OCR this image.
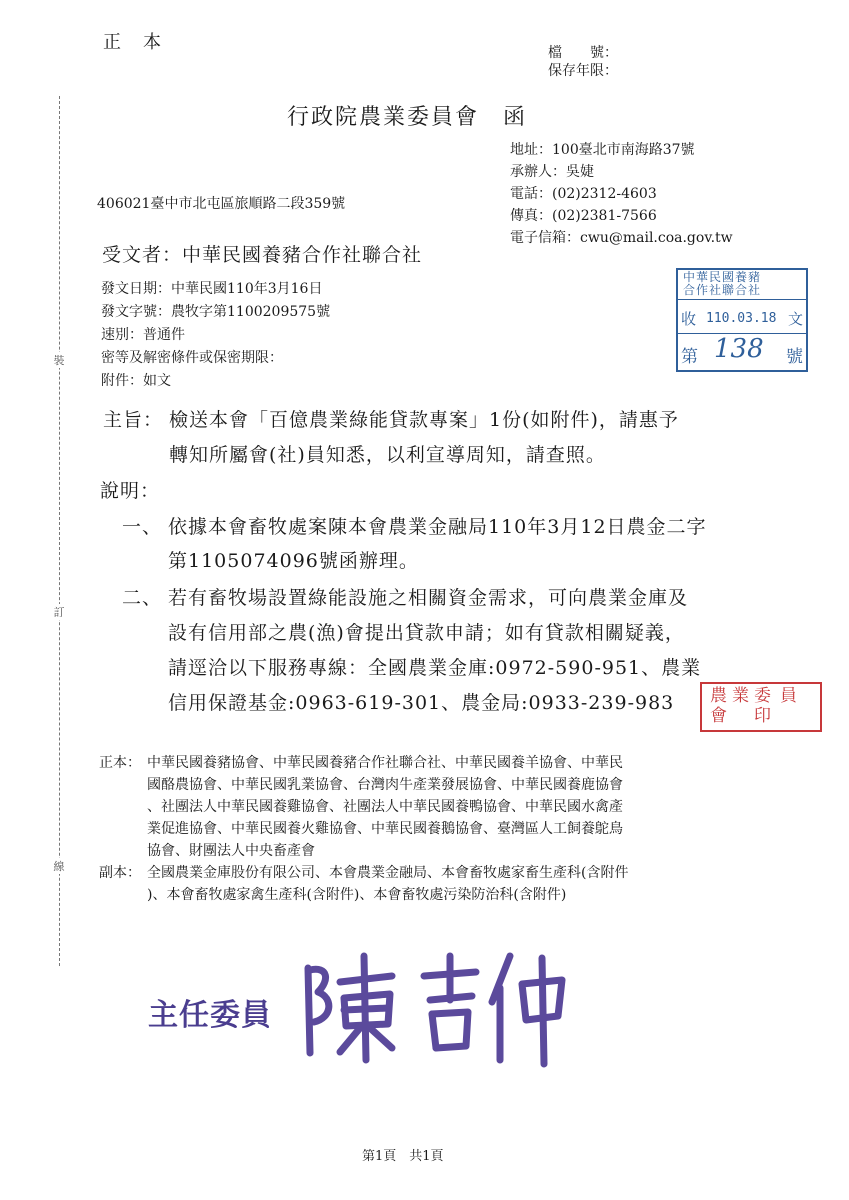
正　本	檔　　號：
保存年限：
行政院農業委員會　函
地址：100臺北市南海路37號
承辦人：吳婕
電話：(02)2312-4603
傳真：(02)2381-7566
電子信箱：cwu@mail.coa.gov.tw
406021臺中市北屯區旅順路二段359號
受文者：中華民國養豬合作社聯合社
發文日期：中華民國110年3月16日
發文字號：農牧字第1100209575號
速別：普通件
密等及解密條件或保密期限：
附件：如文
中華民國養豬
合作社聯合社
收 110.03.18 文
第 138 號
主旨： 檢送本會「百億農業綠能貸款專案」1份(如附件)，請惠予
轉知所屬會(社)員知悉，以利宣導周知，請查照。
說明：
一、 依據本會畜牧處案陳本會農業金融局110年3月12日農金二字
第1105074096號函辦理。
二、 若有畜牧場設置綠能設施之相關資金需求，可向農業金庫及
設有信用部之農(漁)會提出貸款申請；如有貸款相關疑義，
請逕洽以下服務專線：全國農業金庫:0972-590-951、農業
信用保證基金:0963-619-301、農金局:0933-239-983 農 業 委 員
會 印
正本： 中華民國養豬協會、中華民國養豬合作社聯合社、中華民國養羊協會、中華民
國酪農協會、中華民國乳業協會、台灣肉牛產業發展協會、中華民國養鹿協會
、社團法人中華民國養雞協會、社團法人中華民國養鴨協會、中華民國水禽產
業促進協會、中華民國養火雞協會、中華民國養鵝協會、臺灣區人工飼養鴕鳥
協會、財團法人中央畜產會
副本： 全國農業金庫股份有限公司、本會農業金融局、本會畜牧處家畜生產科(含附件
)、本會畜牧處家禽生產科(含附件)、本會畜牧處污染防治科(含附件)
主任委員
裝
訂
線
第1頁　共1頁
